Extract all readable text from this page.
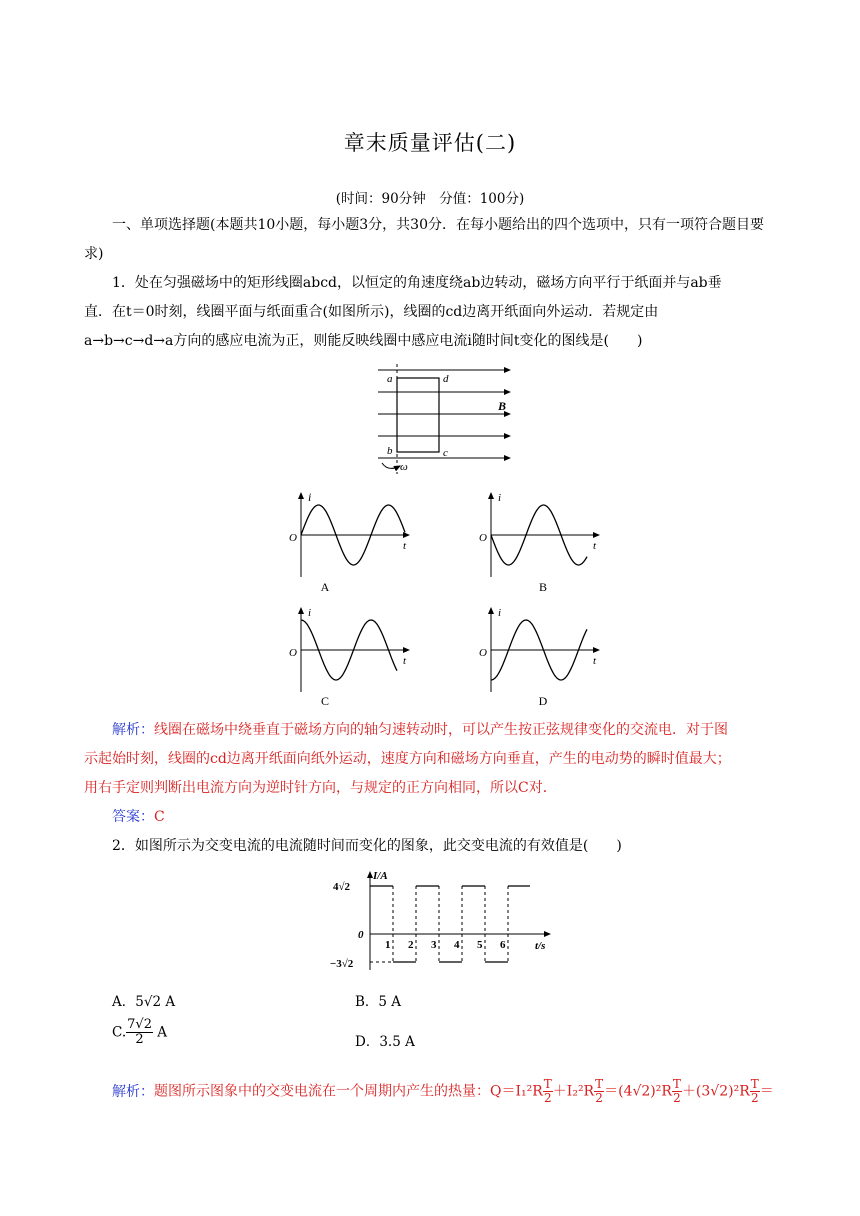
章末质量评估(二)
(时间：90分钟　分值：100分)
一、单项选择题(本题共10小题，每小题3分，共30分．在每小题给出的四个选项中，只有一项符合题目要求)
1．处在匀强磁场中的矩形线圈abcd，以恒定的角速度绕ab边转动，磁场方向平行于纸面并与ab垂
直．在t＝0时刻，线圈平面与纸面重合(如图所示)，线圈的cd边离开纸面向外运动．若规定由
a→b→c→d→a方向的感应电流为正，则能反映线圈中感应电流i随时间t变化的图线是(　　)
a	d
b	c
B
ω
i
t
O
A
i
t
O
B
i
t
O
C
i
t
O
D
解析：线圈在磁场中绕垂直于磁场方向的轴匀速转动时，可以产生按正弦规律变化的交流电．对于图
示起始时刻，线圈的cd边离开纸面向纸外运动，速度方向和磁场方向垂直，产生的电动势的瞬时值最大；
用右手定则判断出电流方向为逆时针方向，与规定的正方向相同，所以C对．
答案：C
2．如图所示为交变电流的电流随时间而变化的图象，此交变电流的有效值是(　　)
I/A
t/s
0
4√2
−3√2
1 2 3 4 5 6
A．5√2 A	B．5 A
C. $\frac{7√2}{2}$ A
D．3.5 A
解析：题图所示图象中的交变电流在一个周期内产生的热量：$Q=I_1^2R \frac{T}{2} +I_2^2R \frac{T}{2} =(4√2)^2R \frac{T}{2} +(3√2)^2R \frac{T}{2}$ ＝
